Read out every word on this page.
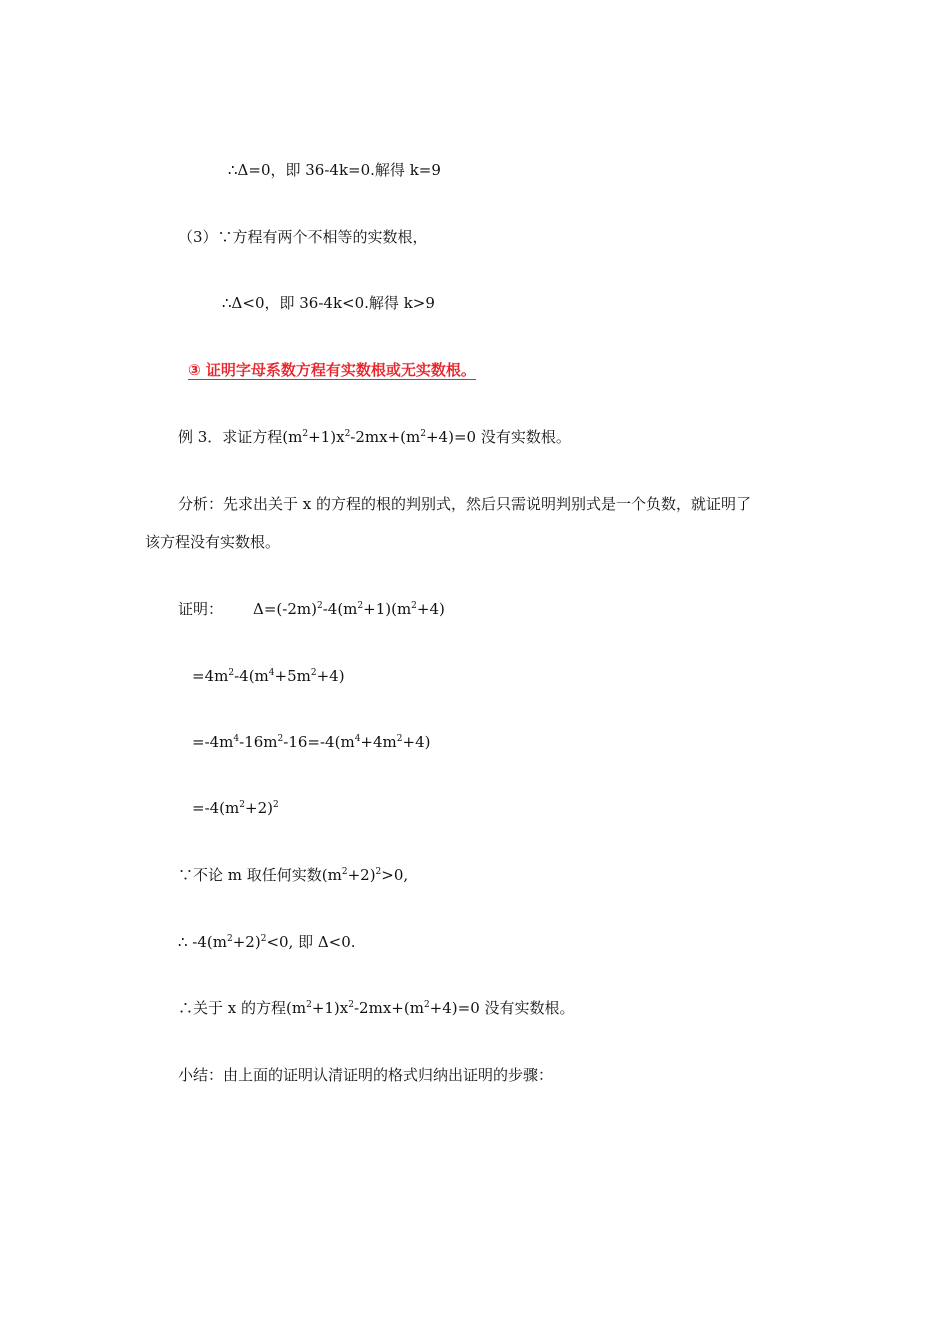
∴Δ=0，即 36-4k=0.解得 k=9
（3）∵方程有两个不相等的实数根，
∴Δ<0，即 36-4k<0.解得 k>9
③ 证明字母系数方程有实数根或无实数根。
例 3．求证方程$(m^2+1)x^2-2mx+(m^2+4)=0$ 没有实数根。
分析：先求出关于 x 的方程的根的判别式，然后只需说明判别式是一个负数，就证明了
该方程没有实数根。
证明： $\Delta=(-2m)^2-4(m^2+1)(m^2+4)$
$=4m^2-4(m^4+5m^2+4)$
$=-4m^4-16m^2-16=-4(m^4+4m^2+4)$
$=-4(m^2+2)^2$
∵不论 m 取任何实数$(m^2+2)^2>0$,
∴ $-4(m^2+2)^2<0$, 即 Δ<0.
∴关于 x 的方程$(m^2+1)x^2-2mx+(m^2+4)=0$ 没有实数根。
小结：由上面的证明认清证明的格式归纳出证明的步骤：
